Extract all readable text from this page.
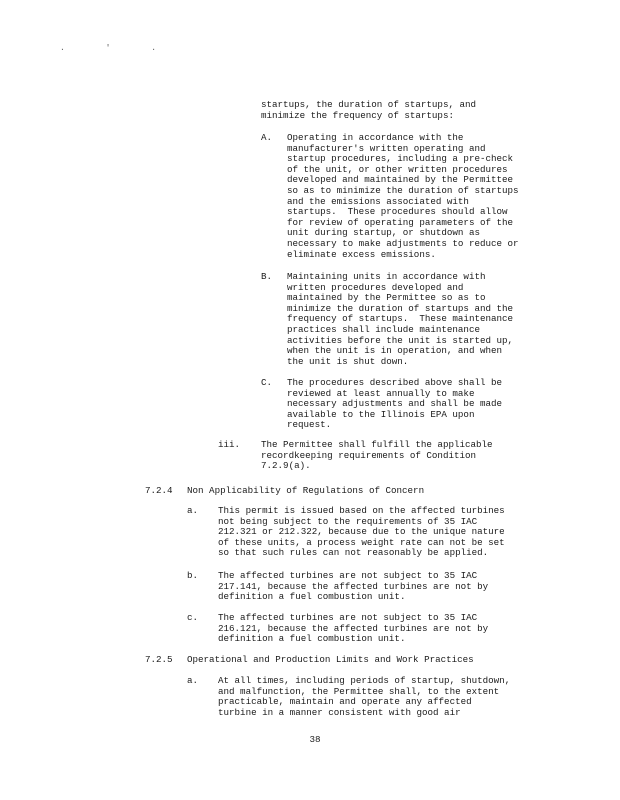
. ' .
startups, the duration of startups, and
minimize the frequency of startups:
A. Operating in accordance with the
manufacturer's written operating and
startup procedures, including a pre-check
of the unit, or other written procedures
developed and maintained by the Permittee
so as to minimize the duration of startups
and the emissions associated with
startups.  These procedures should allow
for review of operating parameters of the
unit during startup, or shutdown as
necessary to make adjustments to reduce or
eliminate excess emissions.
B. Maintaining units in accordance with
written procedures developed and
maintained by the Permittee so as to
minimize the duration of startups and the
frequency of startups.  These maintenance
practices shall include maintenance
activities before the unit is started up,
when the unit is in operation, and when
the unit is shut down.
C. The procedures described above shall be
reviewed at least annually to make
necessary adjustments and shall be made
available to the Illinois EPA upon
request.
iii. The Permittee shall fulfill the applicable
recordkeeping requirements of Condition
7.2.9(a).
7.2.4 Non Applicability of Regulations of Concern
a. This permit is issued based on the affected turbines
not being subject to the requirements of 35 IAC
212.321 or 212.322, because due to the unique nature
of these units, a process weight rate can not be set
so that such rules can not reasonably be applied.
b. The affected turbines are not subject to 35 IAC
217.141, because the affected turbines are not by
definition a fuel combustion unit.
c. The affected turbines are not subject to 35 IAC
216.121, because the affected turbines are not by
definition a fuel combustion unit.
7.2.5 Operational and Production Limits and Work Practices
a. At all times, including periods of startup, shutdown,
and malfunction, the Permittee shall, to the extent
practicable, maintain and operate any affected
turbine in a manner consistent with good air
38
